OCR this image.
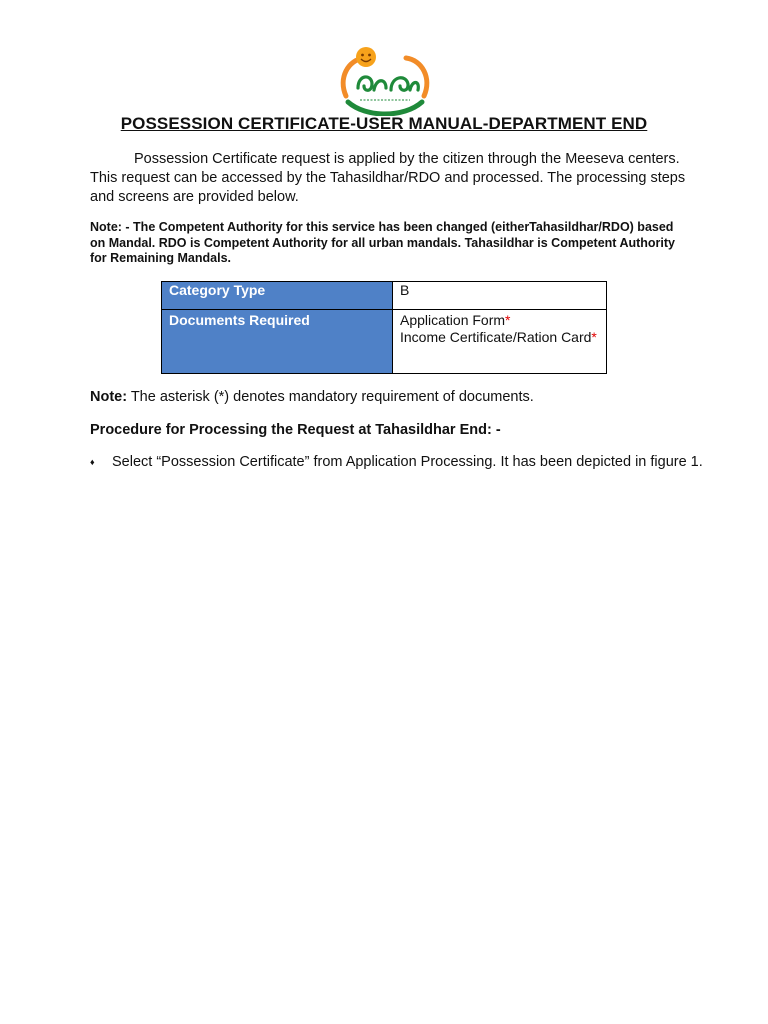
POSSESSION CERTIFICATE-USER MANUAL-DEPARTMENT END

Possession Certificate request is applied by the citizen through the Meeseva centers. This request can be accessed by the Tahasildhar/RDO and processed. The processing steps and screens are provided below.

Note: - The Competent Authority for this service has been changed (eitherTahasildhar/RDO) based on Mandal. RDO is Competent Authority for all urban mandals. Tahasildhar is Competent Authority for Remaining Mandals.

Category Type	B
Documents Required	Application Form*
Income Certificate/Ration Card*

Note: The asterisk (*) denotes mandatory requirement of documents.

Procedure for Processing the Request at Tahasildhar End: -

♦	Select “Possession Certificate” from Application Processing. It has been depicted in figure 1.
